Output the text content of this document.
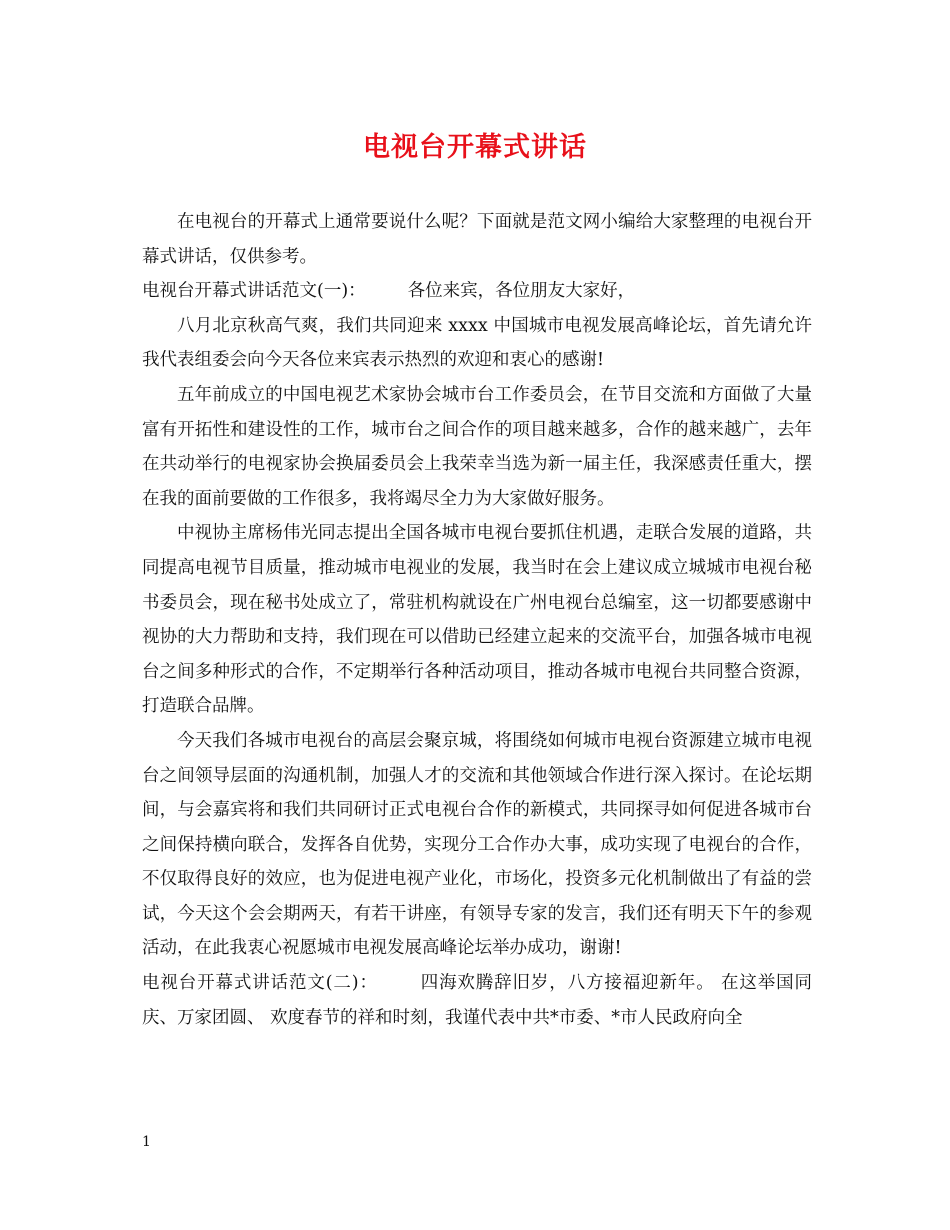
电视台开幕式讲话

在电视台的开幕式上通常要说什么呢？下面就是范文网小编给大家整理的电视台开幕式讲话，仅供参考。

电视台开幕式讲话范文(一)： 各位来宾，各位朋友大家好，

八月北京秋高气爽，我们共同迎来 xxxx 中国城市电视发展高峰论坛，首先请允许我代表组委会向今天各位来宾表示热烈的欢迎和衷心的感谢!

五年前成立的中国电视艺术家协会城市台工作委员会，在节目交流和方面做了大量富有开拓性和建设性的工作，城市台之间合作的项目越来越多，合作的越来越广，去年在共动举行的电视家协会换届委员会上我荣幸当选为新一届主任，我深感责任重大，摆在我的面前要做的工作很多，我将竭尽全力为大家做好服务。

中视协主席杨伟光同志提出全国各城市电视台要抓住机遇，走联合发展的道路，共同提高电视节目质量，推动城市电视业的发展，我当时在会上建议成立城城市电视台秘书委员会，现在秘书处成立了，常驻机构就设在广州电视台总编室，这一切都要感谢中视协的大力帮助和支持，我们现在可以借助已经建立起来的交流平台，加强各城市电视台之间多种形式的合作，不定期举行各种活动项目，推动各城市电视台共同整合资源，打造联合品牌。

今天我们各城市电视台的高层会聚京城，将围绕如何城市电视台资源建立城市电视台之间领导层面的沟通机制，加强人才的交流和其他领域合作进行深入探讨。在论坛期间，与会嘉宾将和我们共同研讨正式电视台合作的新模式，共同探寻如何促进各城市台之间保持横向联合，发挥各自优势，实现分工合作办大事，成功实现了电视台的合作，不仅取得良好的效应，也为促进电视产业化，市场化，投资多元化机制做出了有益的尝试，今天这个会会期两天，有若干讲座，有领导专家的发言，我们还有明天下午的参观活动，在此我衷心祝愿城市电视发展高峰论坛举办成功，谢谢!

电视台开幕式讲话范文(二)： 四海欢腾辞旧岁，八方接福迎新年。 在这举国同庆、万家团圆、 欢度春节的祥和时刻，我谨代表中共*市委、*市人民政府向全

1
